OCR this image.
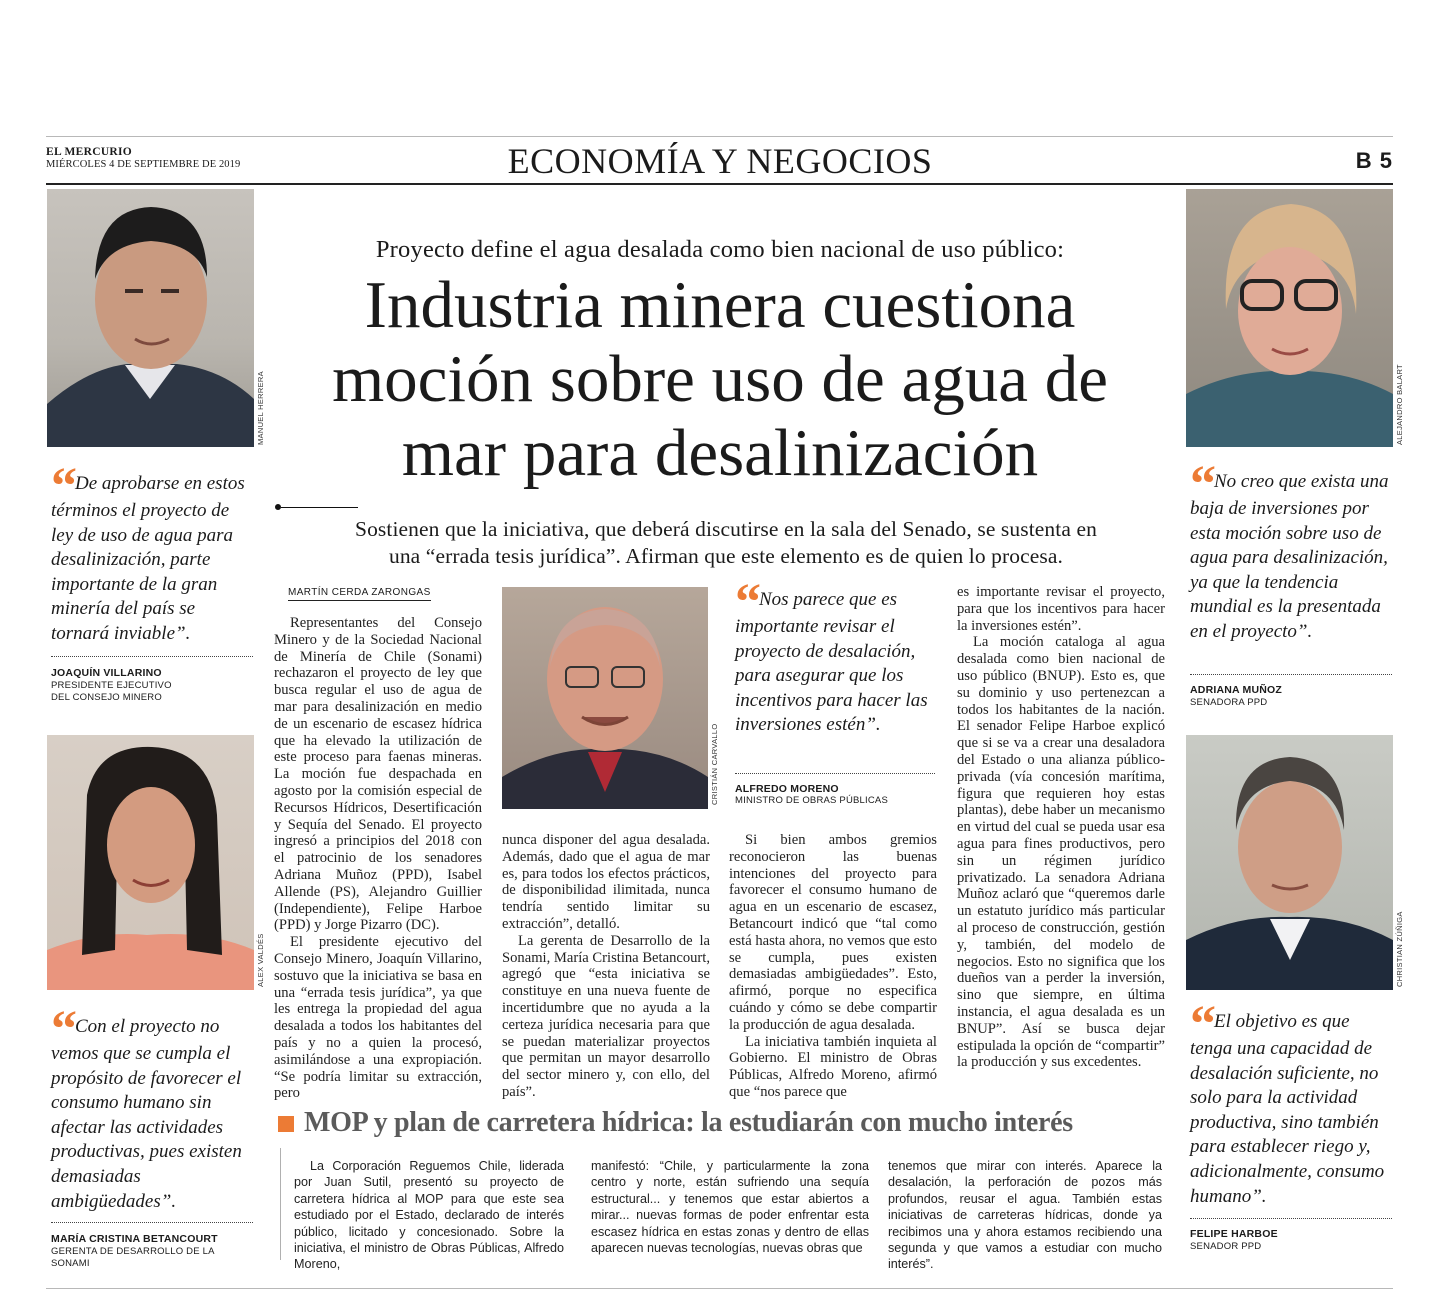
EL MERCURIO
MIÉRCOLES 4 DE SEPTIEMBRE DE 2019	ECONOMÍA Y NEGOCIOS	B 5
MANUEL HERRERA
“ De aprobarse en estos términos el proyecto de ley de uso de agua para desalinización, parte importante de la gran minería del país se tornará inviable”.
JOAQUÍN VILLARINO
PRESIDENTE EJECUTIVO DEL CONSEJO MINERO
ALEX VALDÉS
“ Con el proyecto no vemos que se cumpla el propósito de favorecer el consumo humano sin afectar las actividades productivas, pues existen demasiadas ambigüedades”.
MARÍA CRISTINA BETANCOURT
GERENTA DE DESARROLLO DE LA SONAMI
Proyecto define el agua desalada como bien nacional de uso público:
Industria minera cuestiona
moción sobre uso de agua de
mar para desalinización
Sostienen que la iniciativa, que deberá discutirse en la sala del Senado, se sustenta en
una “errada tesis jurídica”. Afirman que este elemento es de quien lo procesa.
MARTÍN CERDA ZARONGAS

Representantes del Consejo Minero y de la Sociedad Nacional de Minería de Chile (Sonami) rechazaron el proyecto de ley que busca regular el uso de agua de mar para desalinización en medio de un escenario de escasez hídrica que ha elevado la utilización de este proceso para faenas mineras. La moción fue despachada en agosto por la comisión especial de Recursos Hídricos, Desertificación y Sequía del Senado. El proyecto ingresó a principios del 2018 con el patrocinio de los senadores Adriana Muñoz (PPD), Isabel Allende (PS), Alejandro Guillier (Independiente), Felipe Harboe (PPD) y Jorge Pizarro (DC).

El presidente ejecutivo del Consejo Minero, Joaquín Villarino, sostuvo que la iniciativa se basa en una “errada tesis jurídica”, ya que les entrega la propiedad del agua desalada a todos los habitantes del país y no a quien la procesó, asimilándose a una expropiación. “Se podría limitar su extracción, pero

CRISTIÁN CARVALLO

nunca disponer del agua desalada. Además, dado que el agua de mar es, para todos los efectos prácticos, de disponibilidad ilimitada, nunca tendría sentido limitar su extracción”, detalló.

La gerenta de Desarrollo de la Sonami, María Cristina Betancourt, agregó que “esta iniciativa se constituye en una nueva fuente de incertidumbre que no ayuda a la certeza jurídica necesaria para que se puedan materializar proyectos que permitan un mayor desarrollo del sector minero y, con ello, del país”.

“ Nos parece que es importante revisar el proyecto de desalación, para asegurar que los incentivos para hacer las inversiones estén”.
ALFREDO MORENO
MINISTRO DE OBRAS PÚBLICAS

Si bien ambos gremios reconocieron las buenas intenciones del proyecto para favorecer el consumo humano de agua en un escenario de escasez, Betancourt indicó que “tal como está hasta ahora, no vemos que esto se cumpla, pues existen demasiadas ambigüedades”. Esto, afirmó, porque no especifica cuándo y cómo se debe compartir la producción de agua desalada.

La iniciativa también inquieta al Gobierno. El ministro de Obras Públicas, Alfredo Moreno, afirmó que “nos parece que

es importante revisar el proyecto, para que los incentivos para hacer la inversiones estén”.

La moción cataloga al agua desalada como bien nacional de uso público (BNUP). Esto es, que su dominio y uso pertenezcan a todos los habitantes de la nación. El senador Felipe Harboe explicó que si se va a crear una desaladora del Estado o una alianza público-privada (vía concesión marítima, figura que requieren hoy estas plantas), debe haber un mecanismo en virtud del cual se pueda usar esa agua para fines productivos, pero sin un régimen jurídico privatizado. La senadora Adriana Muñoz aclaró que “queremos darle un estatuto jurídico más particular al proceso de construcción, gestión y, también, del modelo de negocios. Esto no significa que los dueños van a perder la inversión, sino que siempre, en última instancia, el agua desalada es un BNUP”. Así se busca dejar estipulada la opción de “compartir” la producción y sus excedentes.

ALEJANDRO BALART
“ No creo que exista una baja de inversiones por esta moción sobre uso de agua para desalinización, ya que la tendencia mundial es la presentada en el proyecto”.
ADRIANA MUÑOZ
SENADORA PPD
CHRISTIAN ZÚÑIGA
“ El objetivo es que tenga una capacidad de desalación suficiente, no solo para la actividad productiva, sino también para establecer riego y, adicionalmente, consumo humano”.
FELIPE HARBOE
SENADOR PPD
MOP y plan de carretera hídrica: la estudiarán con mucho interés

La Corporación Reguemos Chile, liderada por Juan Sutil, presentó su proyecto de carretera hídrica al MOP para que este sea estudiado por el Estado, declarado de interés público, licitado y concesionado. Sobre la iniciativa, el ministro de Obras Públicas, Alfredo Moreno,

manifestó: “Chile, y particularmente la zona centro y norte, están sufriendo una sequía estructural... y tenemos que estar abiertos a mirar... nuevas formas de poder enfrentar esta escasez hídrica en estas zonas y dentro de ellas aparecen nuevas tecnologías, nuevas obras que

tenemos que mirar con interés. Aparece la desalación, la perforación de pozos más profundos, reusar el agua. También estas iniciativas de carreteras hídricas, donde ya recibimos una y ahora estamos recibiendo una segunda y que vamos a estudiar con mucho interés”.
